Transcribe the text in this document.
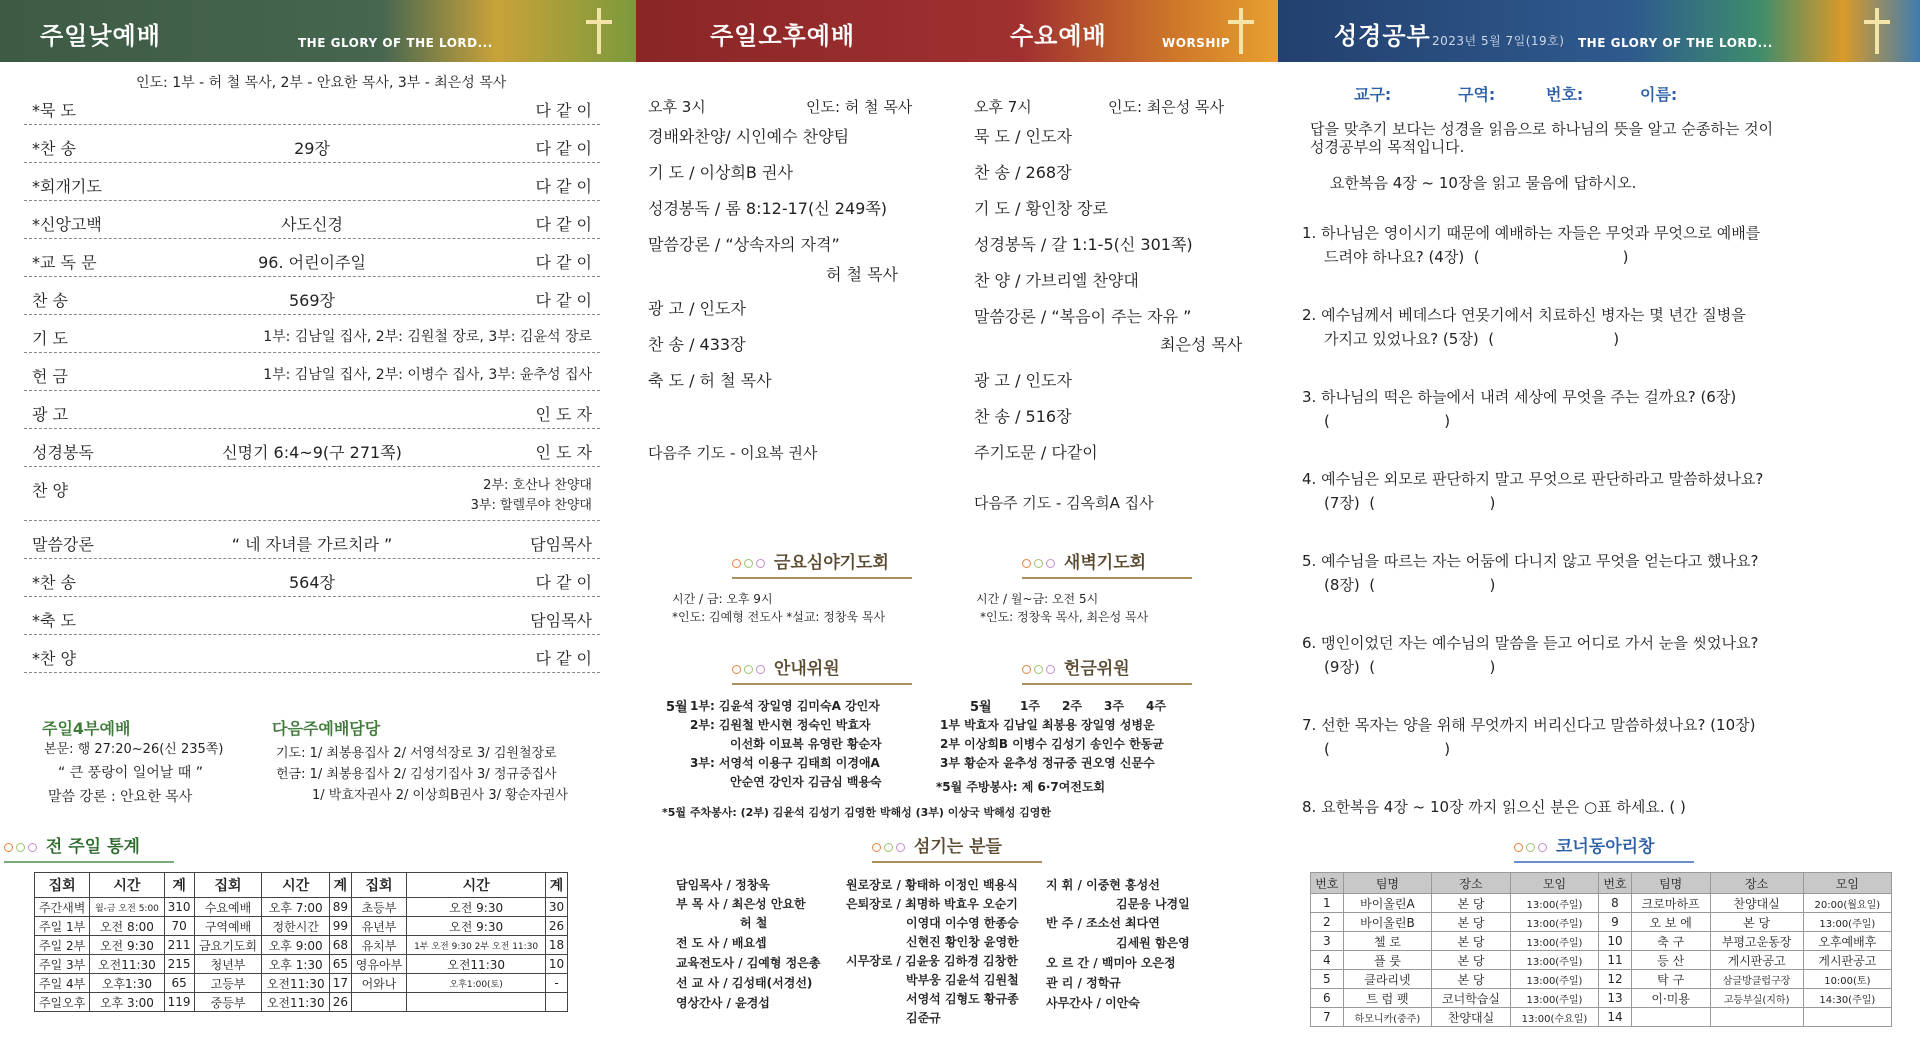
주일낮예배	THE GLORY OF THE LORD...
인도: 1부 - 허 철 목사, 2부 - 안요한 목사, 3부 - 최은성 목사
*묵 도	다 같 이
*찬 송	29장	다 같 이
*회개기도	다 같 이
*신앙고백	사도신경	다 같 이
*교 독 문	96. 어린이주일	다 같 이
찬 송	569장	다 같 이
기 도	1부: 김남일 집사, 2부: 김원철 장로, 3부: 김윤석 장로
헌 금	1부: 김남일 집사, 2부: 이병수 집사, 3부: 윤추성 집사
광 고	인 도 자
성경봉독	신명기 6:4~9(구 271쪽)	인 도 자
찬 양	2부: 호산나 찬양대
3부: 할렐루야 찬양대
말씀강론	“ 네 자녀를 가르치라 ”	담임목사
*찬 송	564장	다 같 이
*축 도	담임목사
*찬 양	다 같 이
주일4부예배
본문: 행 27:20~26(신 235쪽)
“ 큰 풍랑이 일어날 때 ”
말씀 강론 : 안요한 목사
다음주예배담당
기도: 1/ 최봉용집사 2/ 서영석장로 3/ 김원철장로
헌금: 1/ 최봉용집사 2/ 김성기집사 3/ 정규중집사
1/ 박효자권사 2/ 이상희B권사 3/ 황순자권사
전 주일 통계
집회	시간	계	집회	시간	계	집회	시간	계
주간새벽	월-금 오전 5:00	310	수요예배	오후 7:00	89	초등부	오전 9:30	30
주일 1부	오전 8:00	70	구역예배	정한시간	99	유년부	오전 9:30	26
주일 2부	오전 9:30	211	금요기도회	오후 9:00	68	유치부	1부 오전 9:30 2부 오전 11:30	18
주일 3부	오전11:30	215	청년부	오후 1:30	65	영유아부	오전11:30	10
주일 4부	오후1:30	65	고등부	오전11:30	17	어와나	오후1:00(토)	-
주일오후	오후 3:00	119	중등부	오전11:30	26			
주일오후예배	수요예배	WORSHIP
오후 3시	인도: 허 철 목사
경배와찬양/ 시인예수 찬양팀
기 도 / 이상희B 권사
성경봉독 / 롬 8:12-17(신 249쪽)
말씀강론 / “상속자의 자격”
허 철 목사
광 고 / 인도자
찬 송 / 433장
축 도 / 허 철 목사
다음주 기도 - 이요복 권사
오후 7시	인도: 최은성 목사
묵 도 / 인도자
찬 송 / 268장
기 도 / 황인창 장로
성경봉독 / 갈 1:1-5(신 301쪽)
찬 양 / 가브리엘 찬양대
말씀강론 / “복음이 주는 자유 ”
최은성 목사
광 고 / 인도자
찬 송 / 516장
주기도문 / 다같이
다음주 기도 - 김옥희A 집사
금요심야기도회
시간 / 금: 오후 9시
*인도: 김예형 전도사 *설교: 정창욱 목사
새벽기도회
시간 / 월~금: 오전 5시
*인도: 정창욱 목사, 최은성 목사
안내위원
5월 1부: 김윤석 장일영 김미숙A 강인자
2부: 김원철 반시현 정숙인 박효자
이선화 이묘복 유영란 황순자
3부: 서영석 이용구 김태희 이경애A
안순연 강인자 김금심 백용숙
헌금위원
5월 1주 2주 3주 4주
1부 박효자 김남일 최봉용 장일영 성병운
2부 이상희B 이병수 김성기 송인수 한동균
3부 황순자 윤추성 정규중 권오영 신문수
*5월 주방봉사: 제 6·7여전도회
*5월 주차봉사: (2부) 김윤석 김성기 김영한 박해성 (3부) 이상국 박해성 김영한
섬기는 분들
담임목사 / 정창욱
부 목 사 / 최은성 안요한
허 철
전 도 사 / 배요셉
교육전도사 / 김예형 정은총
선 교 사 / 김성태(서경선)
영상간사 / 윤경섭
원로장로 / 황태하 이정인 백용식
은퇴장로 / 최명하 박효우 오순기
이영대 이수영 한종승
신현진 황인창 윤영한
시무장로 / 김윤웅 김하경 김창한
박부웅 김윤석 김원철
서영석 김형도 황규종
김준규
지 휘 / 이중현 홍성선
김문응 나경일
반 주 / 조소선 최다연
김세원 함은영
오 르 간 / 백미아 오은정
관 리 / 정학규
사무간사 / 이안숙
성경공부 2023년 5월 7일(19호) THE GLORY OF THE LORD...
교구:	구역:	번호:	이름:
답을 맞추기 보다는 성경을 읽음으로 하나님의 뜻을 알고 순종하는 것이
성경공부의 목적입니다.
요한복음 4장 ~ 10장을 읽고 물음에 답하시오.
1. 하나님은 영이시기 때문에 예배하는 자들은 무엇과 무엇으로 예배를
드려야 하나요? (4장)  (                              )
2. 예수님께서 베데스다 연못기에서 치료하신 병자는 몇 년간 질병을
가지고 있었나요? (5장)  (                         )
3. 하나님의 떡은 하늘에서 내려 세상에 무엇을 주는 걸까요? (6장)
(                        )
4. 예수님은 외모로 판단하지 말고 무엇으로 판단하라고 말씀하셨나요?
(7장)  (                        )
5. 예수님을 따르는 자는 어둠에 다니지 않고 무엇을 얻는다고 했나요?
(8장)  (                        )
6. 맹인이었던 자는 예수님의 말씀을 듣고 어디로 가서 눈을 씻었나요?
(9장)  (                        )
7. 선한 목자는 양을 위해 무엇까지 버리신다고 말씀하셨나요? (10장)
(                        )
8. 요한복음 4장 ~ 10장 까지 읽으신 분은 ○표 하세요. ( )
코너동아리창
번호	팀명	장소	모임	번호	팀명	장소	모임
1	바이올린A	본 당	13:00(주일)	8	크로마하프	찬양대실	20:00(월요일)
2	바이올린B	본 당	13:00(주일)	9	오 보 에	본 당	13:00(주일)
3	첼 로	본 당	13:00(주일)	10	축 구	부평고운동장	오후예배후
4	플 룻	본 당	13:00(주일)	11	등 산	게시판공고	게시판공고
5	클라리넷	본 당	13:00(주일)	12	탁 구	삼글방클럽구장	10:00(토)
6	트 럼 펫	코너학습실	13:00(주일)	13	이·미용	고등부실(지하)	14:30(주일)
7	하모니카(중주)	찬양대실	13:00(수요일)	14			
